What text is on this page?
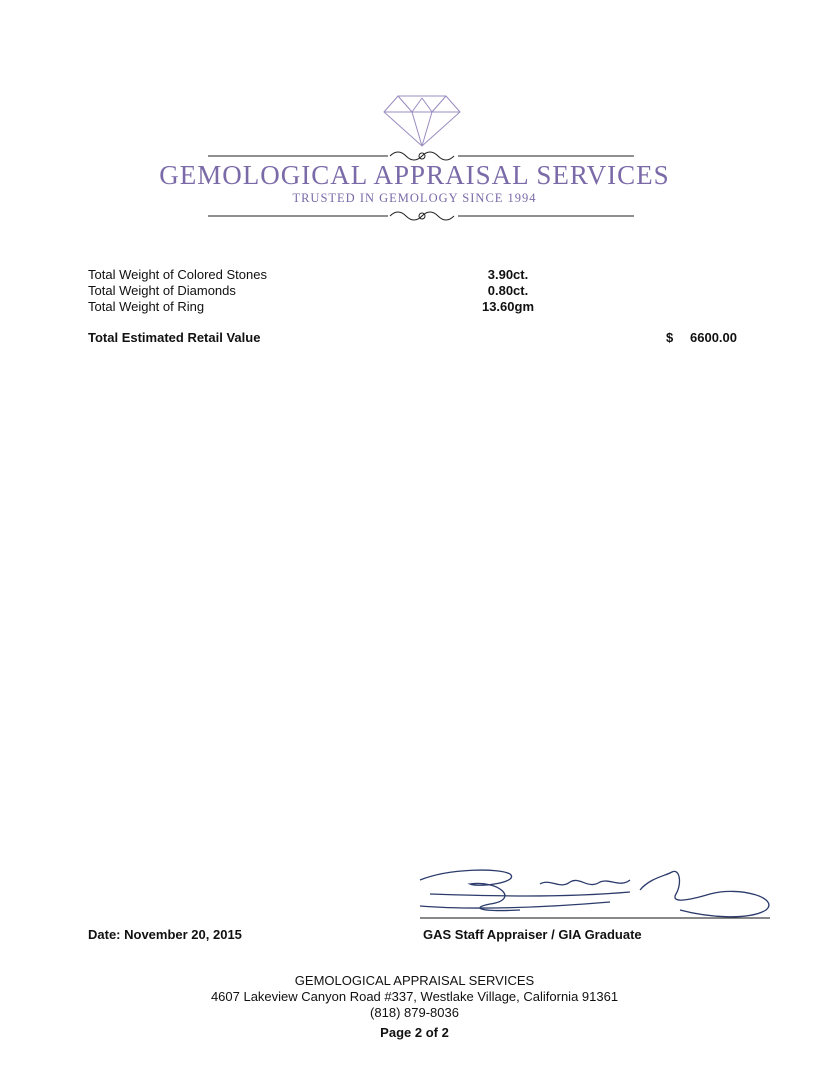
GEMOLOGICAL APPRAISAL SERVICES
TRUSTED IN GEMOLOGY SINCE 1994
Total Weight of Colored Stones	3.90ct.
Total Weight of Diamonds	0.80ct.
Total Weight of Ring	13.60gm
Total Estimated Retail Value	$ 6600.00
Date: November 20, 2015	GAS Staff Appraiser / GIA Graduate
GEMOLOGICAL APPRAISAL SERVICES
4607 Lakeview Canyon Road #337, Westlake Village, California 91361
(818) 879-8036
Page 2 of 2
